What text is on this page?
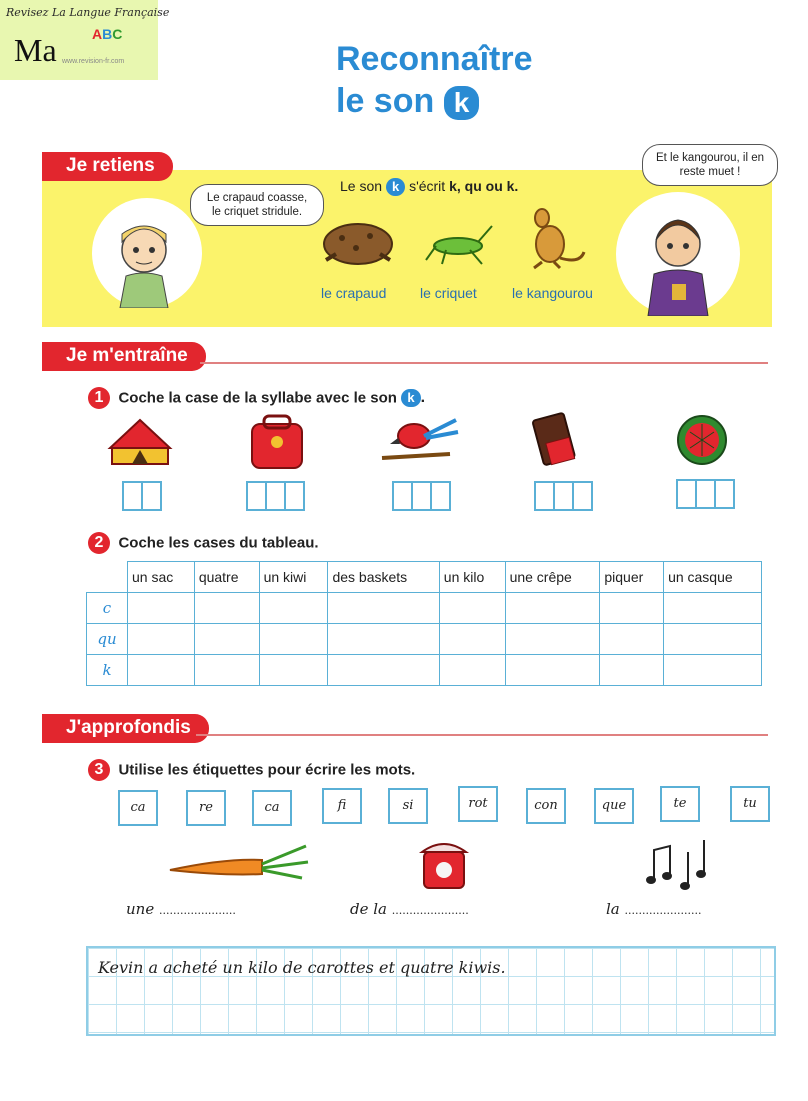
Revisez La Langue Française
Ma	ABC
www.revision-fr.com	Reconnaître
le son k
Le crapaud coasse, le criquet stridule.
Le son k s'écrit k, qu ou k.
le crapaud le criquet	le kangourou
Et le kangourou, il en reste muet !
Je retiens
Je m'entraîne
1 Coche la case de la syllabe avec le son k .
2 Coche les cases du tableau.
	un sac	quatre	un kiwi	des baskets	un kilo	une crêpe	piquer	un casque
c								
qu								
k								
J'approfondis
3 Utilise les étiquettes pour écrire les mots.
ca	re	ca	fi	si	rot	con	que	te	tu
une ......................	de la ......................	la ......................
Kevin a acheté un kilo de carottes et quatre kiwis.
